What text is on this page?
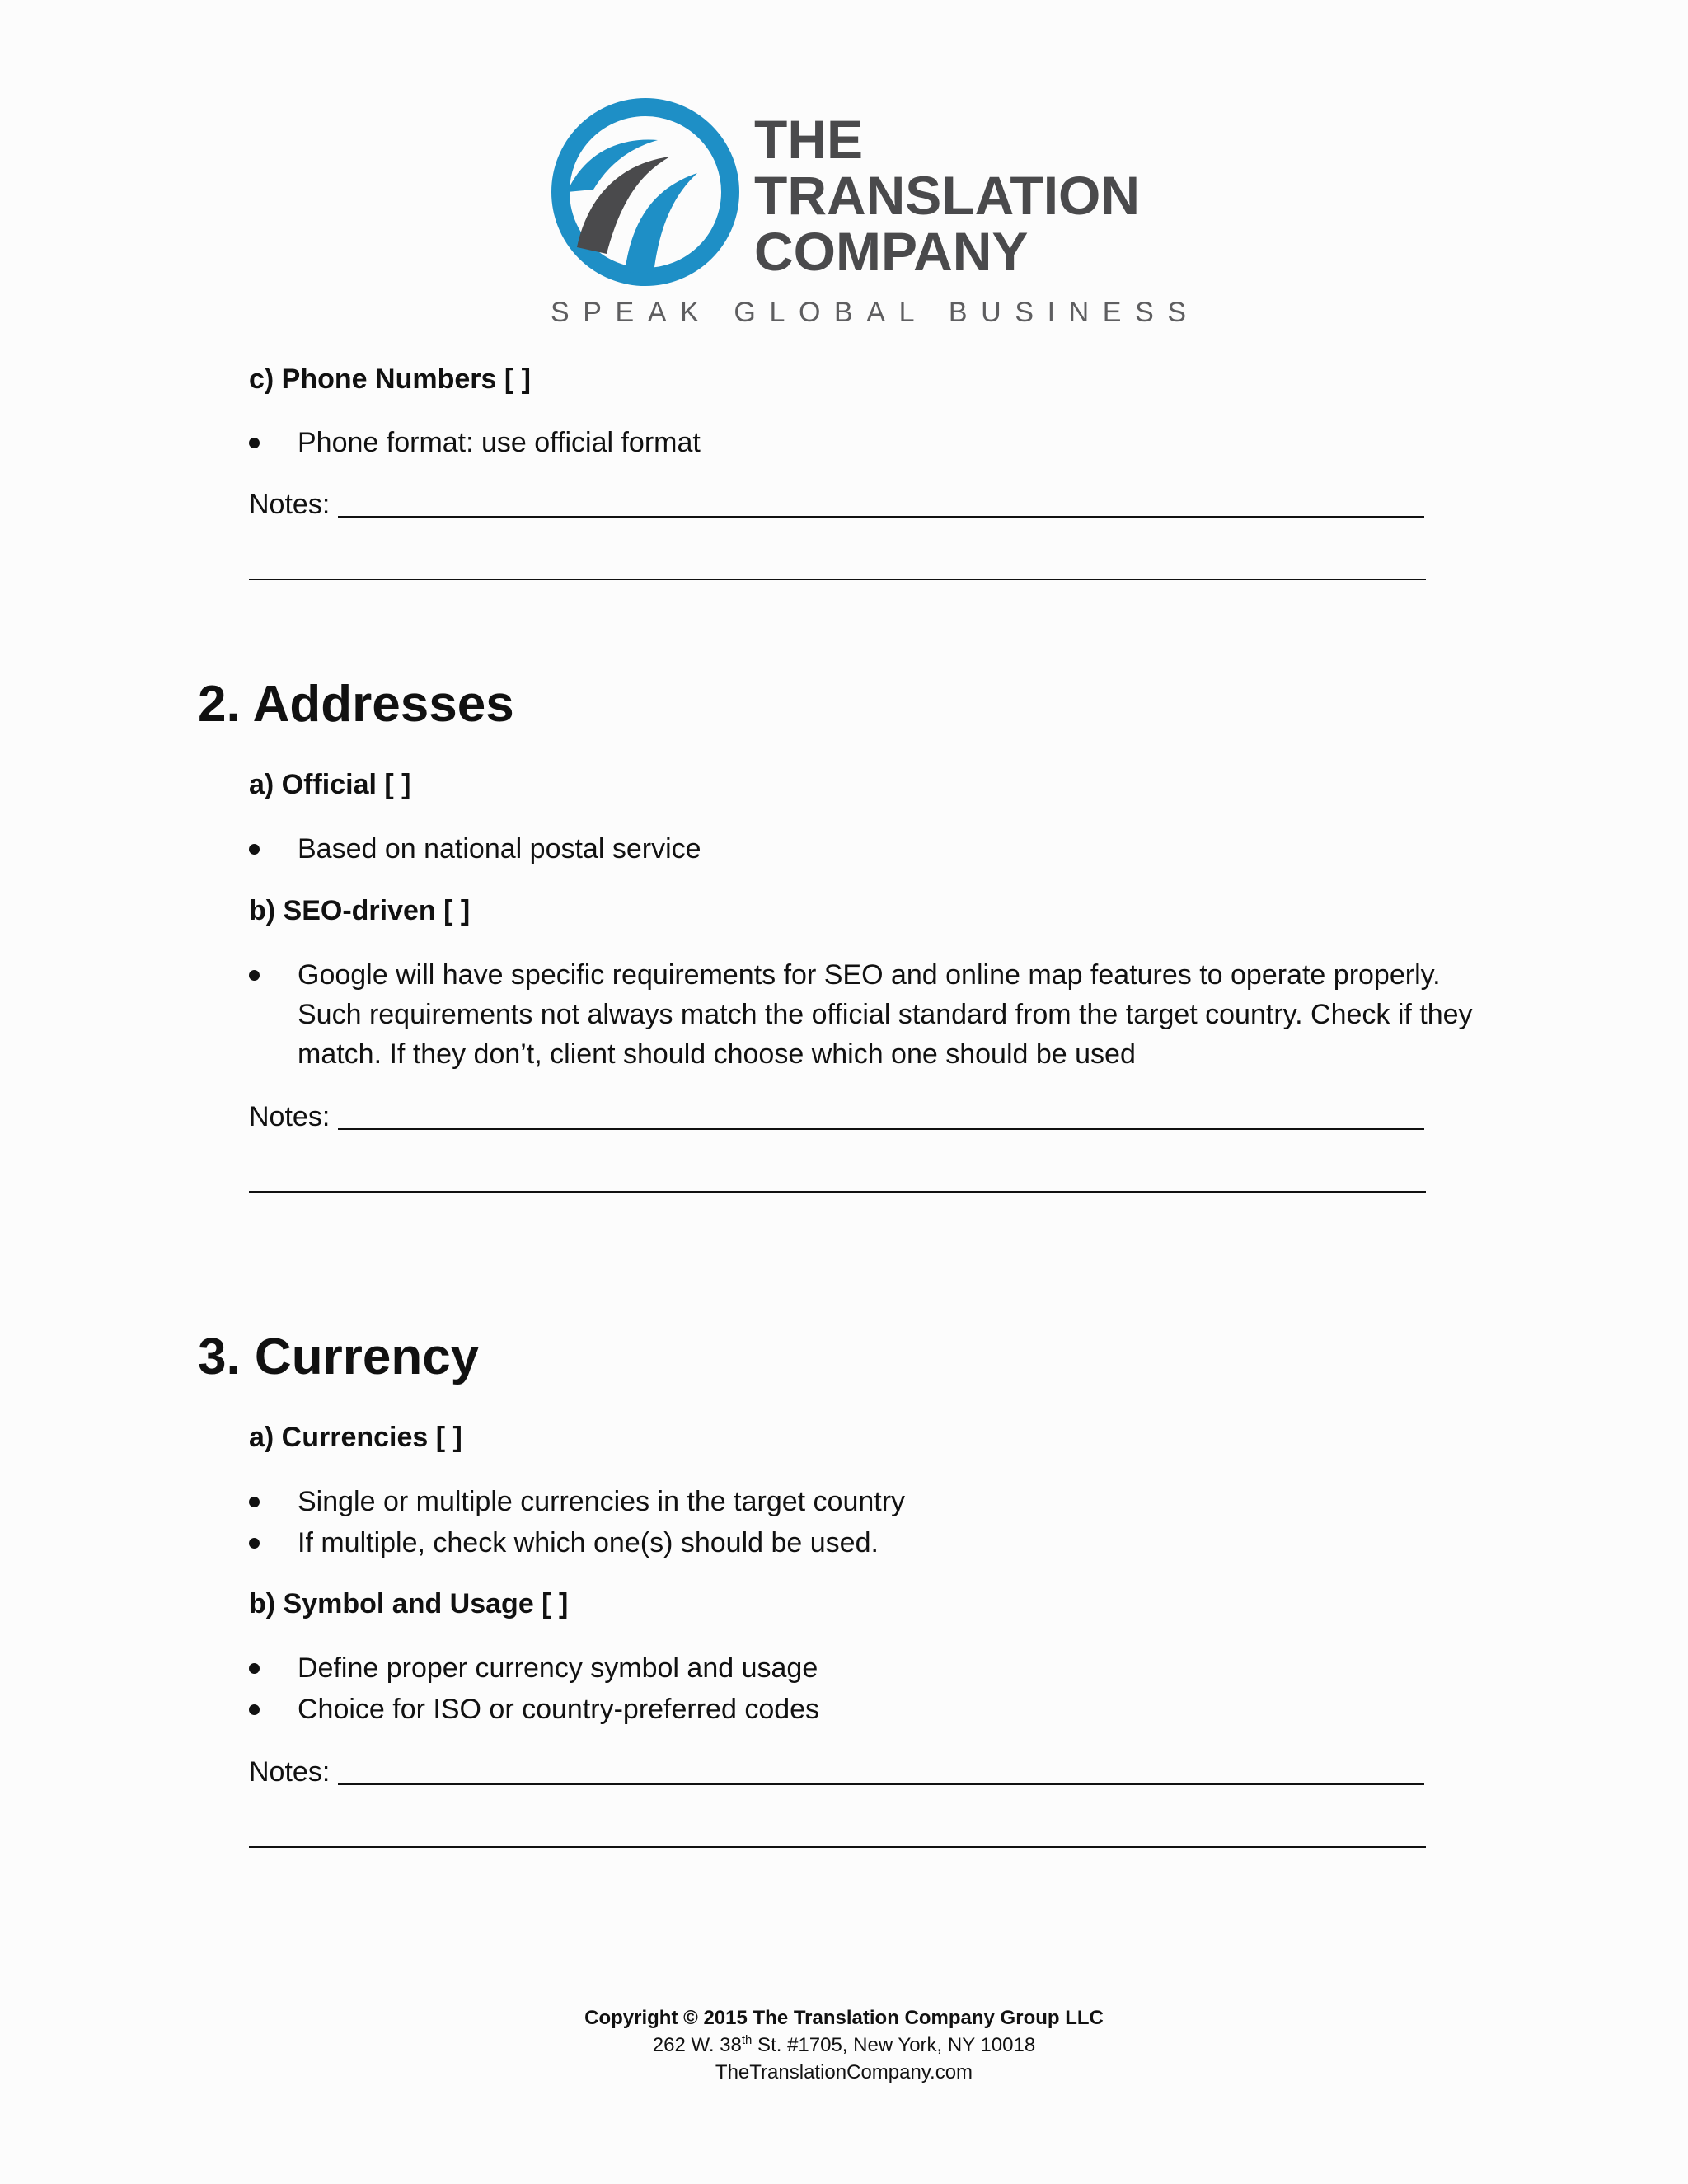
THE
TRANSLATION
COMPANY
SPEAK GLOBAL BUSINESS
c) Phone Numbers [ ]
Phone format: use official format
Notes:
2. Addresses
a) Official [ ]
Based on national postal service
b) SEO-driven [ ]
Google will have specific requirements for SEO and online map features to operate properly.
Such requirements not always match the official standard from the target country. Check if they
match. If they don’t, client should choose which one should be used
Notes:
3. Currency
a) Currencies [ ]
Single or multiple currencies in the target country
If multiple, check which one(s) should be used.
b) Symbol and Usage [ ]
Define proper currency symbol and usage
Choice for ISO or country-preferred codes
Notes:
Copyright © 2015 The Translation Company Group LLC
262 W. 38th St. #1705, New York, NY 10018
TheTranslationCompany.com
